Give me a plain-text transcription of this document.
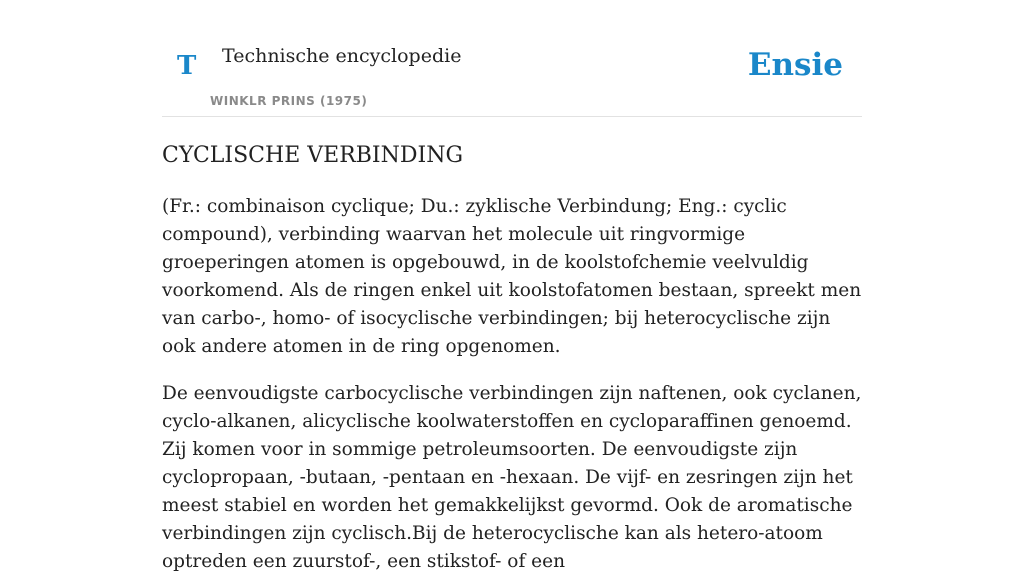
T Technische encyclopedie
WINKLR PRINS (1975)
Ensie
CYCLISCHE VERBINDING

(Fr.: combinaison cyclique; Du.: zyklische Verbindung; Eng.: cyclic compound), verbinding waarvan het molecule uit ringvormige groeperingen atomen is opgebouwd, in de koolstofchemie veelvuldig voorkomend. Als de ringen enkel uit koolstofatomen bestaan, spreekt men van carbo-, homo- of isocyclische verbindingen; bij heterocyclische zijn ook andere atomen in de ring opgenomen.

De eenvoudigste carbocyclische verbindingen zijn naftenen, ook cyclanen, cyclo-alkanen, alicyclische koolwaterstoffen en cycloparaffinen genoemd. Zij komen voor in sommige petroleumsoorten. De eenvoudigste zijn cyclopropaan, -butaan, -pentaan en -hexaan. De vijf- en zesringen zijn het meest stabiel en worden het gemakkelijkst gevormd. Ook de aromatische verbindingen zijn cyclisch.Bij de heterocyclische kan als hetero-atoom optreden een zuurstof-, een stikstof- of een
